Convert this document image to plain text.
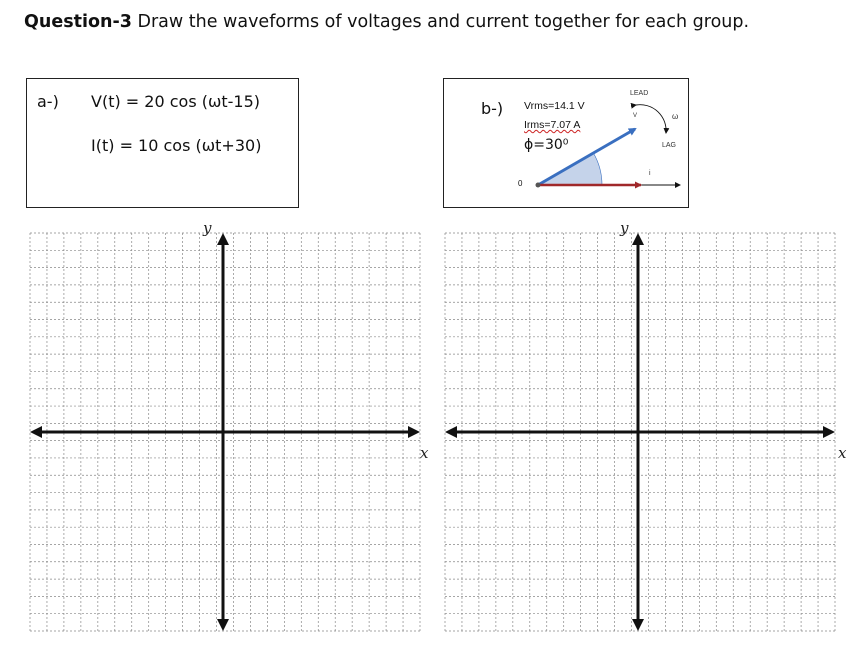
Question-3 Draw the waveforms of voltages and current together for each group.
a-) V(t) = 20 cos (ωt-15)
I(t) = 10 cos (ωt+30)
b-) Vrms=14.1 V
Irms=7.07 A
ϕ=30⁰
LEAD
LAG
ω
V
i
0
y
x
y
x
